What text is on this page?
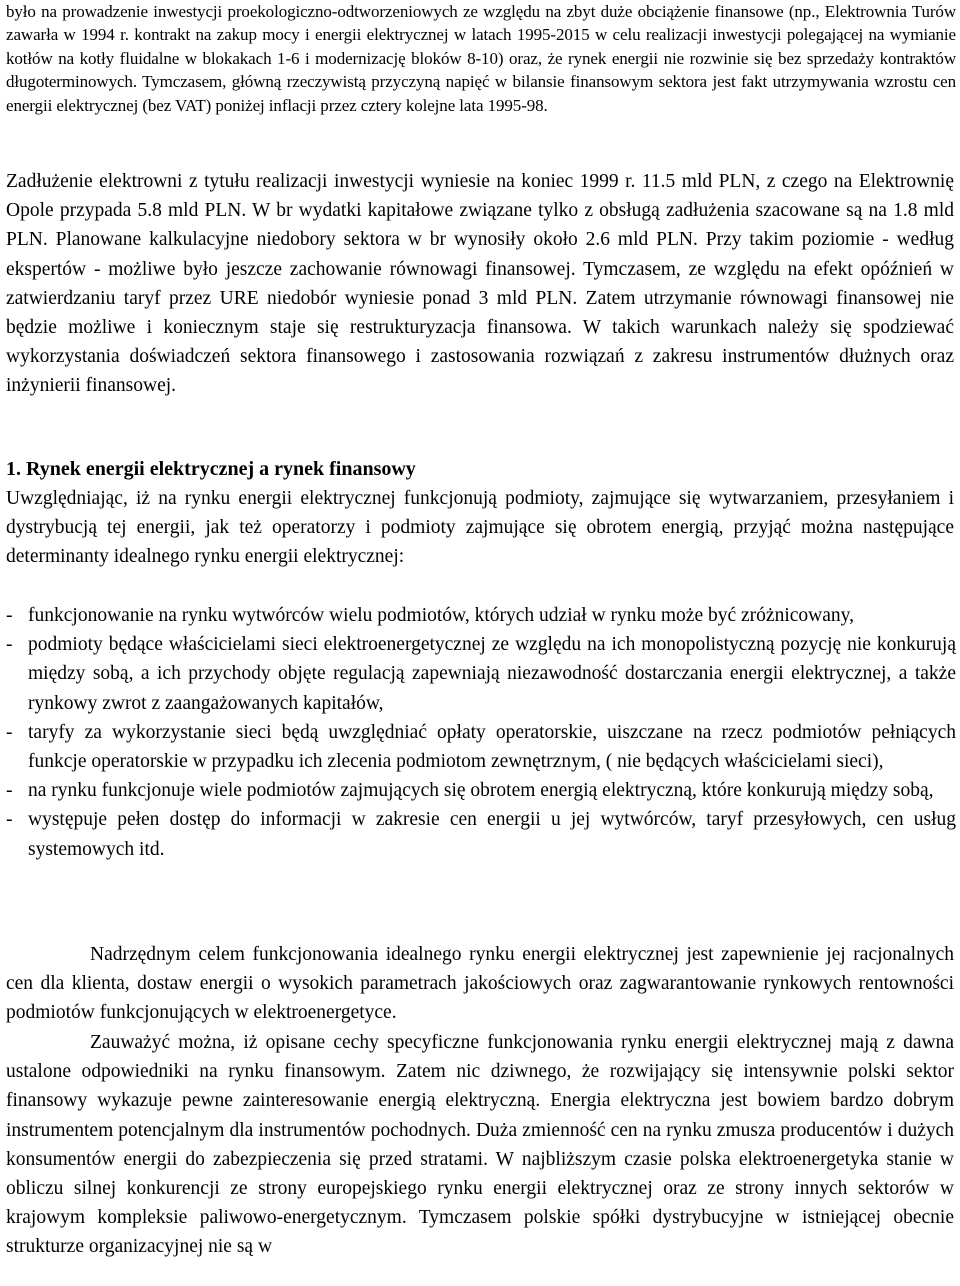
było na prowadzenie inwestycji proekologiczno-odtworzeniowych ze względu na zbyt duże obciążenie finansowe (np., Elektrownia Turów zawarła w 1994 r. kontrakt na zakup mocy i energii elektrycznej w latach 1995-2015 w celu realizacji inwestycji polegającej na wymianie kotłów na kotły fluidalne w blokakach 1-6 i modernizację bloków 8-10) oraz, że rynek energii nie rozwinie się bez sprzedaży kontraktów długoterminowych. Tymczasem, główną rzeczywistą przyczyną napięć w bilansie finansowym sektora jest fakt utrzymywania wzrostu cen energii elektrycznej (bez VAT) poniżej inflacji przez cztery kolejne lata 1995-98.

Zadłużenie elektrowni z tytułu realizacji inwestycji wyniesie na koniec 1999 r. 11.5 mld PLN, z czego na Elektrownię Opole przypada 5.8 mld PLN. W br wydatki kapitałowe związane tylko z obsługą zadłużenia szacowane są na 1.8 mld PLN. Planowane kalkulacyjne niedobory sektora w br wynosiły około 2.6 mld PLN. Przy takim poziomie - według ekspertów - możliwe było jeszcze zachowanie równowagi finansowej. Tymczasem, ze względu na efekt opóźnień w zatwierdzaniu taryf przez URE niedobór wyniesie ponad 3 mld PLN. Zatem utrzymanie równowagi finansowej nie będzie możliwe i koniecznym staje się restrukturyzacja finansowa. W takich warunkach należy się spodziewać wykorzystania doświadczeń sektora finansowego i zastosowania rozwiązań z zakresu instrumentów dłużnych oraz inżynierii finansowej.

1. Rynek energii elektrycznej a rynek finansowy

Uwzględniając, iż na rynku energii elektrycznej funkcjonują podmioty, zajmujące się wytwarzaniem, przesyłaniem i dystrybucją tej energii, jak też operatorzy i podmioty zajmujące się obrotem energią, przyjąć można następujące determinanty idealnego rynku energii elektrycznej:

- funkcjonowanie na rynku wytwórców wielu podmiotów, których udział w rynku może być zróżnicowany,
- podmioty będące właścicielami sieci elektroenergetycznej ze względu na ich monopolistyczną pozycję nie konkurują między sobą, a ich przychody objęte regulacją zapewniają niezawodność dostarczania energii elektrycznej, a także rynkowy zwrot z zaangażowanych kapitałów,
- taryfy za wykorzystanie sieci będą uwzględniać opłaty operatorskie, uiszczane na rzecz podmiotów pełniących funkcje operatorskie w przypadku ich zlecenia podmiotom zewnętrznym, ( nie będących właścicielami sieci),
- na rynku funkcjonuje wiele podmiotów zajmujących się obrotem energią elektryczną, które konkurują między sobą,
- występuje pełen dostęp do informacji w zakresie cen energii u jej wytwórców, taryf przesyłowych, cen usług systemowych itd.

Nadrzędnym celem funkcjonowania idealnego rynku energii elektrycznej jest zapewnienie jej racjonalnych cen dla klienta, dostaw energii o wysokich parametrach jakościowych oraz zagwarantowanie rynkowych rentowności podmiotów funkcjonujących w elektroenergetyce.

Zauważyć można, iż opisane cechy specyficzne funkcjonowania rynku energii elektrycznej mają z dawna ustalone odpowiedniki na rynku finansowym. Zatem nic dziwnego, że rozwijający się intensywnie polski sektor finansowy wykazuje pewne zainteresowanie energią elektryczną. Energia elektryczna jest bowiem bardzo dobrym instrumentem potencjalnym dla instrumentów pochodnych. Duża zmienność cen na rynku zmusza producentów i dużych konsumentów energii do zabezpieczenia się przed stratami. W najbliższym czasie polska elektroenergetyka stanie w obliczu silnej konkurencji ze strony europejskiego rynku energii elektrycznej oraz ze strony innych sektorów w krajowym kompleksie paliwowo-energetycznym. Tymczasem polskie spółki dystrybucyjne w istniejącej obecnie strukturze organizacyjnej nie są w
